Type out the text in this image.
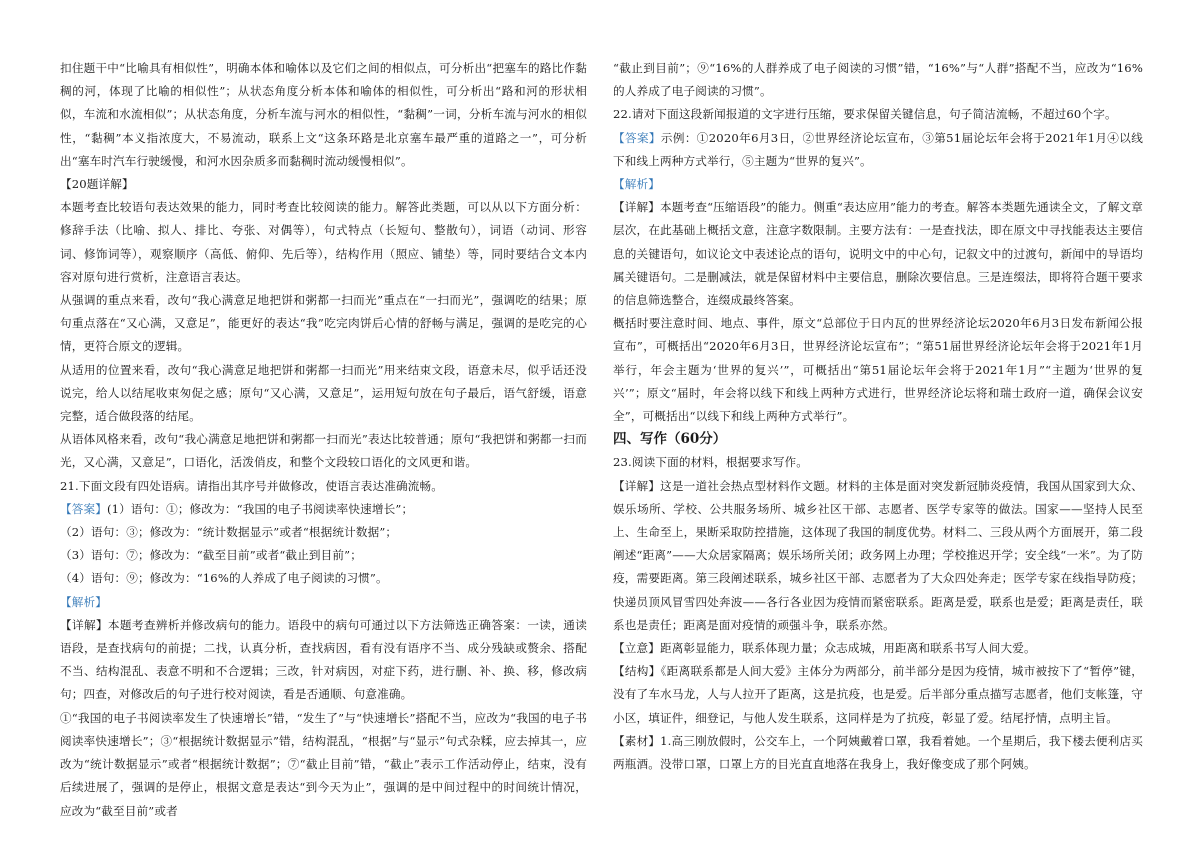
扣住题干中“比喻具有相似性”，明确本体和喻体以及它们之间的相似点，可分析出“把塞车的路比作黏稠的河，体现了比喻的相似性”；从状态角度分析本体和喻体的相似性，可分析出“路和河的形状相似，车流和水流相似”；从状态角度，分析车流与河水的相似性，“黏稠”一词，分析车流与河水的相似性，“黏稠”本义指浓度大，不易流动，联系上文“这条环路是北京塞车最严重的道路之一”，可分析出“塞车时汽车行驶缓慢，和河水因杂质多而黏稠时流动缓慢相似”。

【20题详解】

本题考查比较语句表达效果的能力，同时考查比较阅读的能力。解答此类题，可以从以下方面分析：修辞手法（比喻、拟人、排比、夸张、对偶等），句式特点（长短句、整散句），词语（动词、形容词、修饰词等），观察顺序（高低、俯仰、先后等），结构作用（照应、铺垫）等，同时要结合文本内容对原句进行赏析，注意语言表达。

从强调的重点来看，改句“我心满意足地把饼和粥都一扫而光”重点在“一扫而光”，强调吃的结果；原句重点落在“又心满，又意足”，能更好的表达“我”吃完肉饼后心情的舒畅与满足，强调的是吃完的心情，更符合原文的逻辑。

从适用的位置来看，改句“我心满意足地把饼和粥都一扫而光”用来结束文段，语意未尽，似乎话还没说完，给人以结尾收束匆促之感；原句“又心满，又意足”，运用短句放在句子最后，语气舒缓，语意完整，适合做段落的结尾。

从语体风格来看，改句“我心满意足地把饼和粥都一扫而光”表达比较普通；原句“我把饼和粥都一扫而光，又心满，又意足”，口语化，活泼俏皮，和整个文段较口语化的文风更和谐。

21.下面文段有四处语病。请指出其序号并做修改，使语言表达准确流畅。

【答案】(1）语句：①；修改为：“我国的电子书阅读率快速增长”；

（2）语句：③；修改为：“统计数据显示”或者“根据统计数据”；

（3）语句：⑦；修改为：“截至目前”或者“截止到目前”；

（4）语句：⑨；修改为：“16%的人养成了电子阅读的习惯”。

【解析】

【详解】本题考查辨析并修改病句的能力。语段中的病句可通过以下方法筛选正确答案：一读，通读语段，是查找病句的前提；二找，认真分析，查找病因，看有没有语序不当、成分残缺或赘余、搭配不当、结构混乱、表意不明和不合逻辑；三改，针对病因，对症下药，进行删、补、换、移，修改病句；四查，对修改后的句子进行校对阅读，看是否通顺、句意准确。

①“我国的电子书阅读率发生了快速增长”错，“发生了”与“快速增长”搭配不当，应改为“我国的电子书阅读率快速增长”；③“根据统计数据显示”错，结构混乱，“根据”与“显示”句式杂糅，应去掉其一，应改为“统计数据显示”或者“根据统计数据”；⑦“截止目前”错，“截止”表示工作活动停止，结束，没有后续进展了，强调的是停止，根据文意是表达“到今天为止”，强调的是中间过程中的时间统计情况，应改为“截至目前”或者

“截止到目前”；⑨“16%的人群养成了电子阅读的习惯”错，“16%”与“人群”搭配不当，应改为“16%的人养成了电子阅读的习惯”。

22.请对下面这段新闻报道的文字进行压缩，要求保留关键信息，句子简洁流畅，不超过60个字。

【答案】示例：①2020年6月3日，②世界经济论坛宣布，③第51届论坛年会将于2021年1月④以线下和线上两种方式举行，⑤主题为“世界的复兴”。

【解析】

【详解】本题考查“压缩语段”的能力。侧重“表达应用”能力的考查。解答本类题先通读全文，了解文章层次，在此基础上概括文意，注意字数限制。主要方法有：一是查找法，即在原文中寻找能表达主要信息的关键语句，如议论文中表述论点的语句，说明文中的中心句，记叙文中的过渡句，新闻中的导语均属关键语句。二是删减法，就是保留材料中主要信息，删除次要信息。三是连缀法，即将符合题干要求的信息筛选整合，连缀成最终答案。

概括时要注意时间、地点、事件，原文“总部位于日内瓦的世界经济论坛2020年6月3日发布新闻公报宣布”，可概括出“2020年6月3日，世界经济论坛宣布”；“第51届世界经济论坛年会将于2021年1月举行，年会主题为‘世界的复兴’”，可概括出“第51届论坛年会将于2021年1月”“主题为‘世界的复兴’”；原文“届时，年会将以线下和线上两种方式进行，世界经济论坛将和瑞士政府一道，确保会议安全”，可概括出“以线下和线上两种方式举行”。

四、写作（60分）

23.阅读下面的材料，根据要求写作。

【详解】这是一道社会热点型材料作文题。材料的主体是面对突发新冠肺炎疫情，我国从国家到大众、娱乐场所、学校、公共服务场所、城乡社区干部、志愿者、医学专家等的做法。国家——坚持人民至上、生命至上，果断采取防控措施，这体现了我国的制度优势。材料二、三段从两个方面展开，第二段阐述“距离”——大众居家隔离；娱乐场所关闭；政务网上办理；学校推迟开学；安全线“一米”。为了防疫，需要距离。第三段阐述联系，城乡社区干部、志愿者为了大众四处奔走；医学专家在线指导防疫；快递员顶风冒雪四处奔波——各行各业因为疫情而紧密联系。距离是爱，联系也是爱；距离是责任，联系也是责任；距离是面对疫情的顽强斗争，联系亦然。

【立意】距离彰显能力，联系体现力量；众志成城，用距离和联系书写人间大爱。

【结构】《距离联系都是人间大爱》主体分为两部分，前半部分是因为疫情，城市被按下了“暂停”键，没有了车水马龙，人与人拉开了距离，这是抗疫，也是爱。后半部分重点描写志愿者，他们支帐篷，守小区，填证件，细登记，与他人发生联系，这同样是为了抗疫，彰显了爱。结尾抒情，点明主旨。

【素材】1.高三刚放假时，公交车上，一个阿姨戴着口罩，我看着她。一个星期后，我下楼去便利店买两瓶酒。没带口罩，口罩上方的目光直直地落在我身上，我好像变成了那个阿姨。
